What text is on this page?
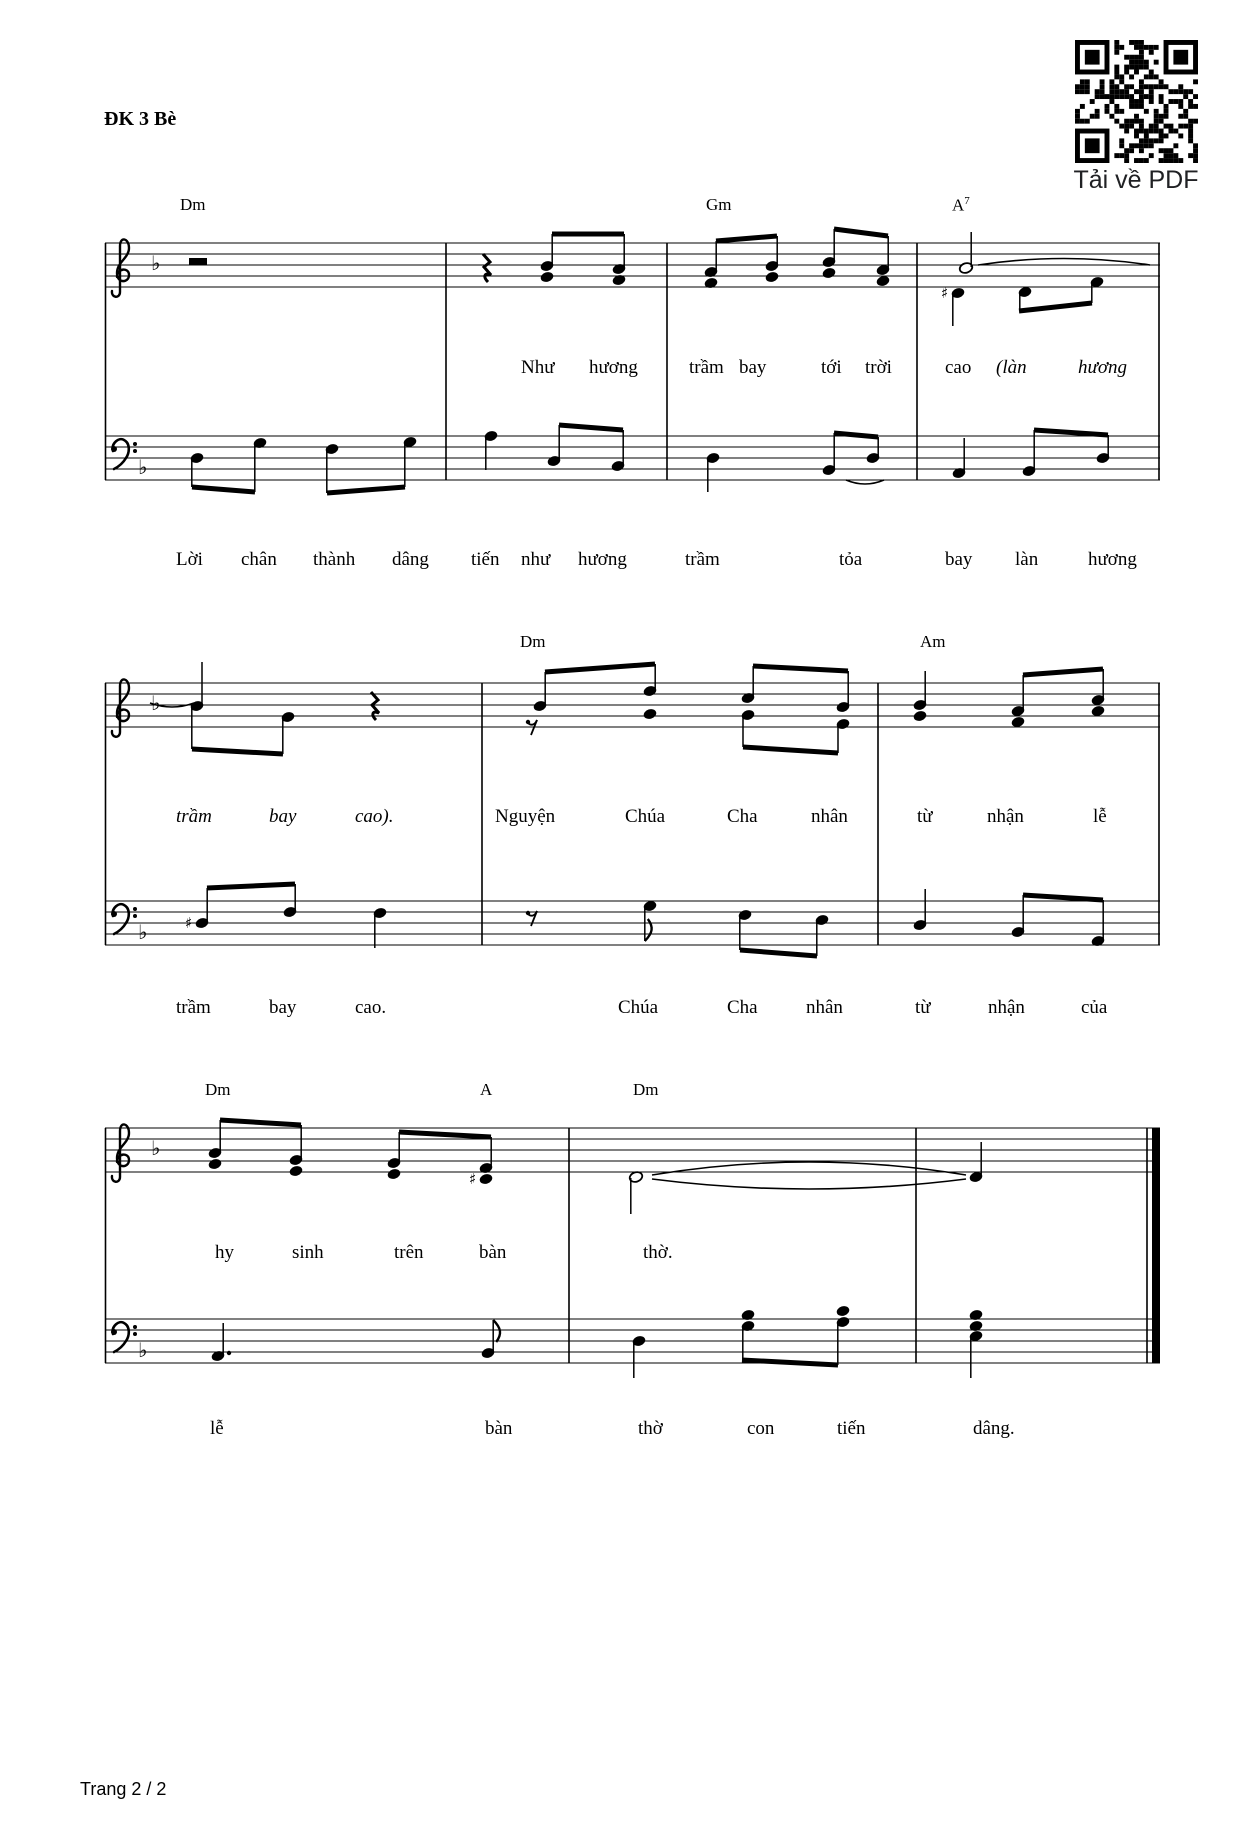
ĐK 3 Bè
Tải về PDF
♭
♯
♭
♭
♭	♯
♭
♯
♭
Dm	Gm	$A^7$
Như hương	trầm bay	tới trời	cao (làn	hương
Lời chân thành dâng tiến như hương	trầm	tỏa	bay làn	hương
Dm	Am
trầm	bay	cao).	Nguyện	Chúa	Cha	nhân	từ	nhận	lễ
trầm	bay	cao.	Chúa	Cha	nhân	từ	nhận	của
Dm	A	Dm
hy	sinh	trên	bàn	thờ.
lễ	bàn	thờ	con	tiến	dâng.
Trang 2 / 2
